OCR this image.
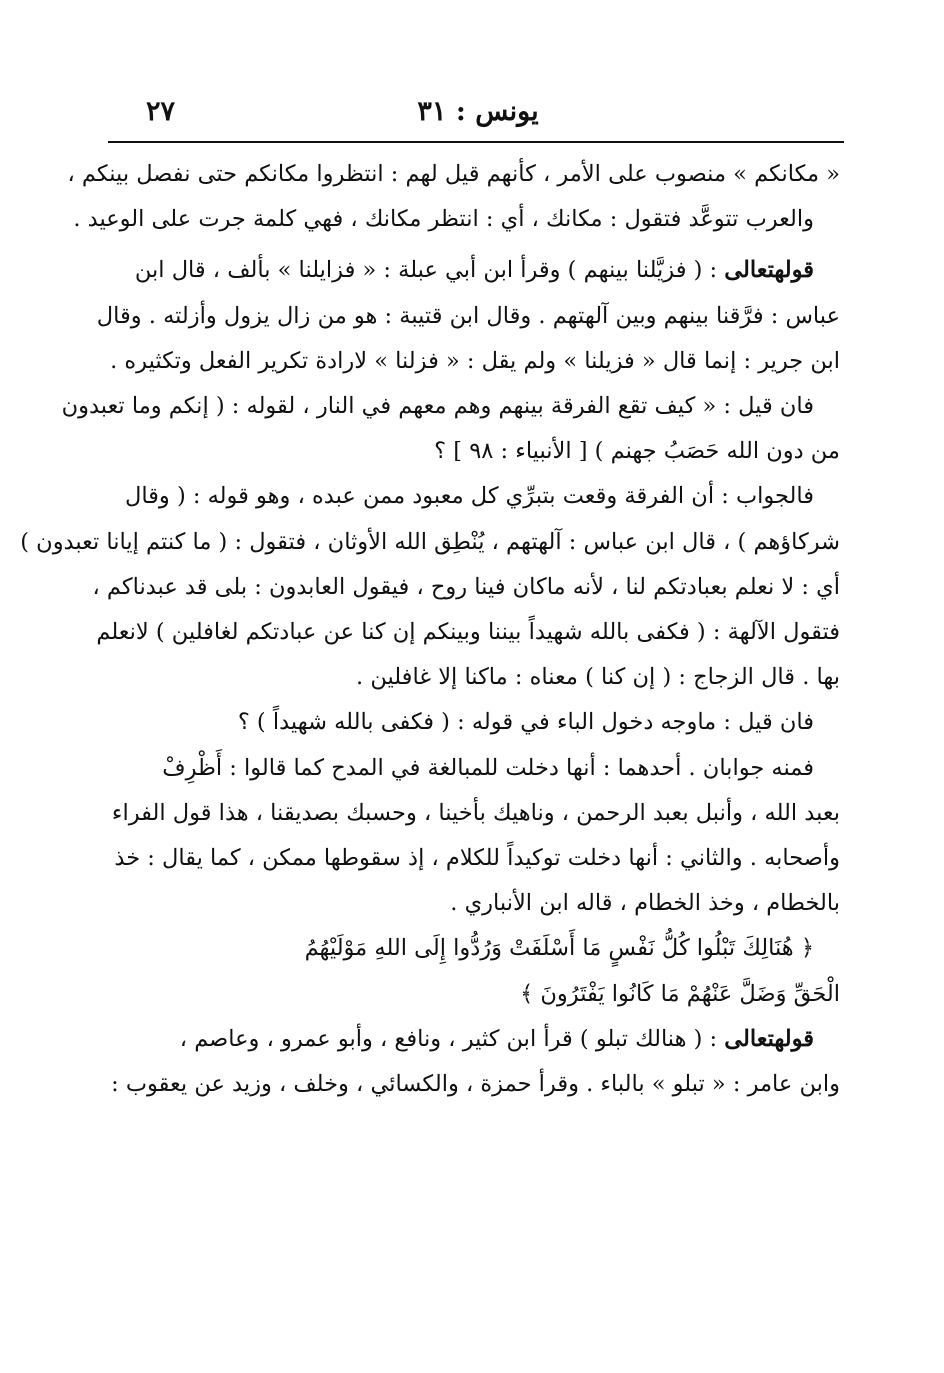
٢٧	يونس : ٣١
« مكانكم » منصوب على الأمر ، كأنهم قيل لهم : انتظروا مكانكم حتى نفصل بينكم ،
والعرب تتوعَّد فتقول : مكانك ، أي : انتظر مكانك ، فهي كلمة جرت على الوعيد .
قولهتعالى : ( فزيَّلنا بينهم ) وقرأ ابن أبي عبلة : « فزايلنا » بألف ، قال ابن
عباس : فرَّقنا بينهم وبين آلهتهم . وقال ابن قتيبة : هو من زال يزول وأزلته . وقال
ابن جرير : إنما قال « فزيلنا » ولم يقل : « فزلنا » لارادة تكرير الفعل وتكثيره .
فان قيل : « كيف تقع الفرقة بينهم وهم معهم في النار ، لقوله : ( إنكم وما تعبدون
من دون الله حَصَبُ جهنم ) [ الأنبياء : ٩٨ ] ؟
فالجواب : أن الفرقة وقعت بتبرِّي كل معبود ممن عبده ، وهو قوله : ( وقال
شركاؤهم ) ، قال ابن عباس : آلهتهم ، يُنْطِق الله الأوثان ، فتقول : ( ما كنتم إيانا تعبدون )
أي : لا نعلم بعبادتكم لنا ، لأنه ماكان فينا روح ، فيقول العابدون : بلى قد عبدناكم ،
فتقول الآلهة : ( فكفى بالله شهيداً بيننا وبينكم إن كنا عن عبادتكم لغافلين ) لانعلم
بها . قال الزجاج : ( إن كنا ) معناه : ماكنا إلا غافلين .
فان قيل : ماوجه دخول الباء في قوله : ( فكفى بالله شهيداً ) ؟
فمنه جوابان . أحدهما : أنها دخلت للمبالغة في المدح كما قالوا : أَظْرِفْ
بعبد الله ، وأنبل بعبد الرحمن ، وناهيك بأخينا ، وحسبك بصديقنا ، هذا قول الفراء
وأصحابه . والثاني : أنها دخلت توكيداً للكلام ، إذ سقوطها ممكن ، كما يقال : خذ
بالخطام ، وخذ الخطام ، قاله ابن الأنباري .
﴿ هُنَالِكَ تَبْلُوا كُلُّ نَفْسٍ مَا أَسْلَفَتْ وَرُدُّوا إِلَى اللهِ مَوْلَيْهُمُ
الْحَقِّ وَضَلَّ عَنْهُمْ مَا كَانُوا يَفْتَرُونَ ﴾
قولهتعالى : ( هنالك تبلو ) قرأ ابن كثير ، ونافع ، وأبو عمرو ، وعاصم ،
وابن عامر : « تبلو » بالباء . وقرأ حمزة ، والكسائي ، وخلف ، وزيد عن يعقوب :
